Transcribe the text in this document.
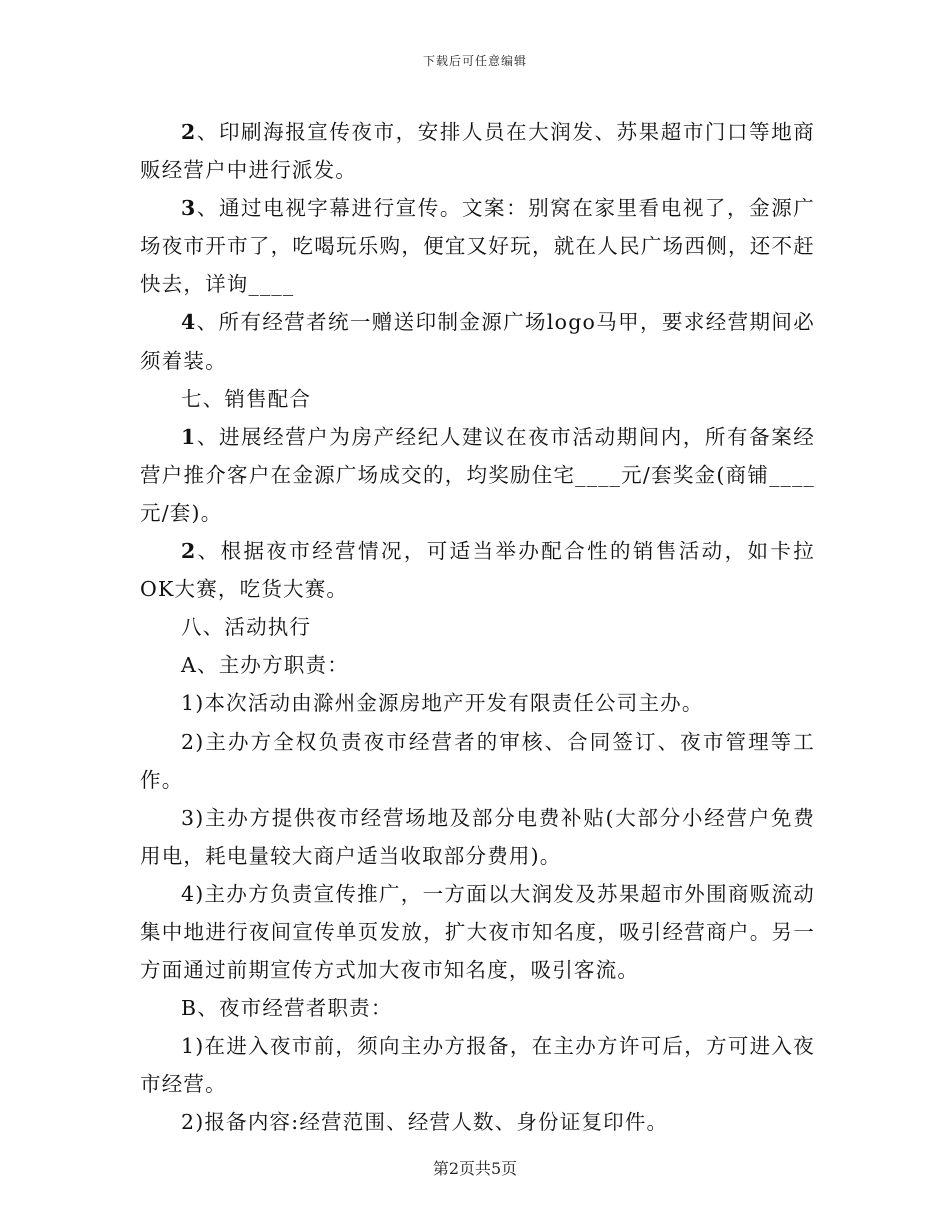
下载后可任意编辑

2、印刷海报宣传夜市，安排人员在大润发、苏果超市门口等地商贩经营户中进行派发。

3、通过电视字幕进行宣传。文案：别窝在家里看电视了，金源广场夜市开市了，吃喝玩乐购，便宜又好玩，就在人民广场西侧，还不赶快去，详询____

4、所有经营者统一赠送印制金源广场logo马甲，要求经营期间必须着装。

七、销售配合

1、进展经营户为房产经纪人建议在夜市活动期间内，所有备案经营户推介客户在金源广场成交的，均奖励住宅____元/套奖金(商铺____元/套)。

2、根据夜市经营情况，可适当举办配合性的销售活动，如卡拉OK大赛，吃货大赛。

八、活动执行

A、主办方职责：

1)本次活动由滁州金源房地产开发有限责任公司主办。

2)主办方全权负责夜市经营者的审核、合同签订、夜市管理等工作。

3)主办方提供夜市经营场地及部分电费补贴(大部分小经营户免费用电，耗电量较大商户适当收取部分费用)。

4)主办方负责宣传推广，一方面以大润发及苏果超市外围商贩流动集中地进行夜间宣传单页发放，扩大夜市知名度，吸引经营商户。另一方面通过前期宣传方式加大夜市知名度，吸引客流。

B、夜市经营者职责：

1)在进入夜市前，须向主办方报备，在主办方许可后，方可进入夜市经营。

2)报备内容:经营范围、经营人数、身份证复印件。

第2页共5页
